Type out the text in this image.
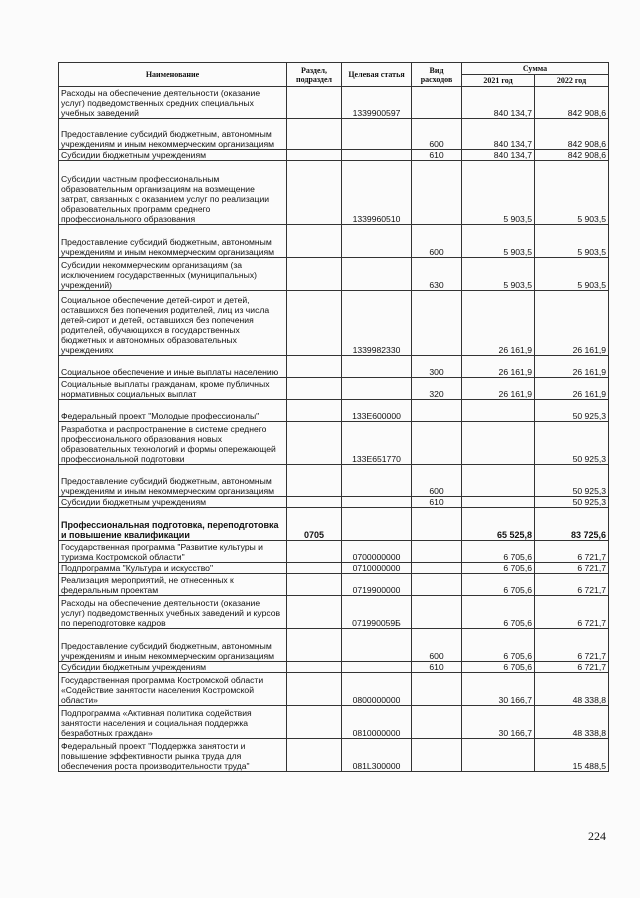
Наименование	Раздел, подраздел	Целевая статья	Вид расходов	Сумма	
				2021 год	2022 год
Расходы на обеспечение деятельности (оказание услуг) подведомственных средних специальных учебных заведений		1339900597		840 134,7	842 908,6
Предоставление субсидий бюджетным, автономным учреждениям и иным некоммерческим организациям			600	840 134,7	842 908,6
Субсидии бюджетным учреждениям			610	840 134,7	842 908,6
Субсидии частным профессиональным образовательным организациям на возмещение затрат, связанных с оказанием услуг по реализации образовательных программ среднего профессионального образования		1339960510		5 903,5	5 903,5
Предоставление субсидий бюджетным, автономным учреждениям и иным некоммерческим организациям			600	5 903,5	5 903,5
Субсидии некоммерческим организациям (за исключением государственных (муниципальных) учреждений)			630	5 903,5	5 903,5
Социальное обеспечение детей-сирот и детей, оставшихся без попечения родителей, лиц из числа детей-сирот и детей, оставшихся без попечения родителей, обучающихся в государственных бюджетных и автономных образовательных учреждениях		1339982330		26 161,9	26 161,9
Социальное обеспечение и иные выплаты населению			300	26 161,9	26 161,9
Социальные выплаты гражданам, кроме публичных нормативных социальных выплат			320	26 161,9	26 161,9
Федеральный проект "Молодые профессионалы"		133E600000			50 925,3
Разработка и распространение в системе среднего профессионального образования новых образовательных технологий и формы опережающей профессиональной подготовки		133E651770			50 925,3
Предоставление субсидий бюджетным, автономным учреждениям и иным некоммерческим организациям			600		50 925,3
Субсидии бюджетным учреждениям			610		50 925,3
Профессиональная подготовка, переподготовка и повышение квалификации	0705			65 525,8	83 725,6
Государственная программа "Развитие культуры и туризма Костромской области"		0700000000		6 705,6	6 721,7
Подпрограмма "Культура и искусство"		0710000000		6 705,6	6 721,7
Реализация мероприятий, не отнесенных к федеральным проектам		0719900000		6 705,6	6 721,7
Расходы на обеспечение деятельности (оказание услуг) подведомственных учебных заведений и курсов по переподготовке кадров		071990059Б		6 705,6	6 721,7
Предоставление субсидий бюджетным, автономным учреждениям и иным некоммерческим организациям			600	6 705,6	6 721,7
Субсидии бюджетным учреждениям			610	6 705,6	6 721,7
Государственная программа Костромской области «Содействие занятости населения Костромской области»		0800000000		30 166,7	48 338,8
Подпрограмма «Активная политика содействия занятости населения и социальная поддержка безработных граждан»		0810000000		30 166,7	48 338,8
Федеральный проект "Поддержка занятости и повышение эффективности рынка труда для обеспечения роста производительности труда"		081L300000			15 488,5
224
